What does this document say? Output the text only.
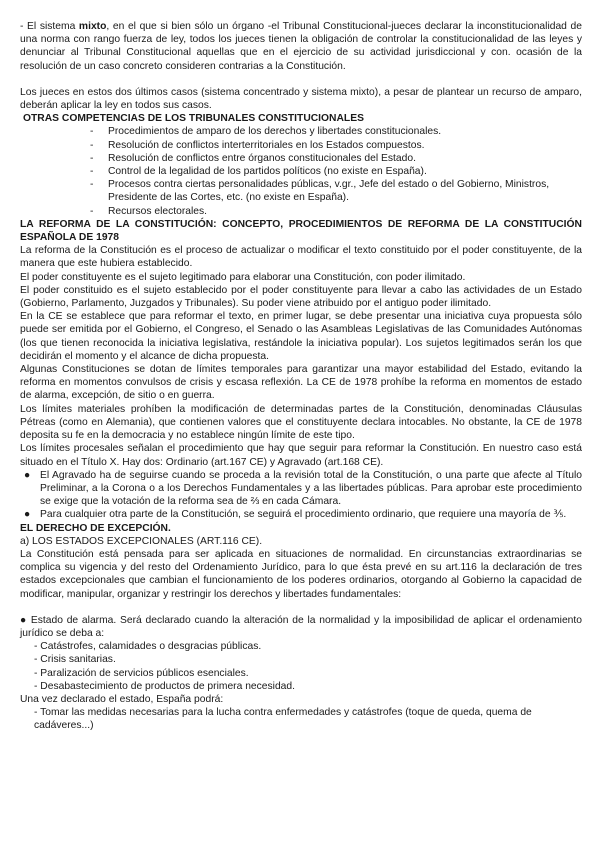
- El sistema mixto, en el que si bien sólo un órgano -el Tribunal Constitucional-jueces declarar la inconstitucionalidad de una norma con rango fuerza de ley, todos los jueces tienen la obligación de controlar la constitucionalidad de las leyes y denunciar al Tribunal Constitucional aquellas que en el ejercicio de su actividad jurisdiccional y con. ocasión de la resolución de un caso concreto consideren contrarias a la Constitución.

Los jueces en estos dos últimos casos (sistema concentrado y sistema mixto), a pesar de plantear un recurso de amparo, deberán aplicar la ley en todos sus casos.

OTRAS COMPETENCIAS DE LOS TRIBUNALES CONSTITUCIONALES

- Procedimientos de amparo de los derechos y libertades constitucionales.
- Resolución de conflictos interterritoriales en los Estados compuestos.
- Resolución de conflictos entre órganos constitucionales del Estado.
- Control de la legalidad de los partidos políticos (no existe en España).
- Procesos contra ciertas personalidades públicas, v.gr., Jefe del estado o del Gobierno, Ministros, Presidente de las Cortes, etc. (no existe en España).
- Recursos electorales.

LA REFORMA DE LA CONSTITUCIÓN: CONCEPTO, PROCEDIMIENTOS DE REFORMA DE LA CONSTITUCIÓN ESPAÑOLA DE 1978

La reforma de la Constitución es el proceso de actualizar o modificar el texto constituido por el poder constituyente, de la manera que este hubiera establecido.

El poder constituyente es el sujeto legitimado para elaborar una Constitución, con poder ilimitado.

El poder constituido es el sujeto establecido por el poder constituyente para llevar a cabo las actividades de un Estado (Gobierno, Parlamento, Juzgados y Tribunales). Su poder viene atribuido por el antiguo poder ilimitado.

En la CE se establece que para reformar el texto, en primer lugar, se debe presentar una iniciativa cuya propuesta sólo puede ser emitida por el Gobierno, el Congreso, el Senado o las Asambleas Legislativas de las Comunidades Autónomas (los que tienen reconocida la iniciativa legislativa, restándole la iniciativa popular). Los sujetos legitimados serán los que decidirán el momento y el alcance de dicha propuesta.

Algunas Constituciones se dotan de límites temporales para garantizar una mayor estabilidad del Estado, evitando la reforma en momentos convulsos de crisis y escasa reflexión. La CE de 1978 prohíbe la reforma en momentos de estado de alarma, excepción, de sitio o en guerra.

Los límites materiales prohíben la modificación de determinadas partes de la Constitución, denominadas Cláusulas Pétreas (como en Alemania), que contienen valores que el constituyente declara intocables. No obstante, la CE de 1978 deposita su fe en la democracia y no establece ningún límite de este tipo.

Los límites procesales señalan el procedimiento que hay que seguir para reformar la Constitución. En nuestro caso está situado en el Título X. Hay dos: Ordinario (art.167 CE) y Agravado (art.168 CE).

● El Agravado ha de seguirse cuando se proceda a la revisión total de la Constitución, o una parte que afecte al Título Preliminar, a la Corona o a los Derechos Fundamentales y a las libertades públicas. Para aprobar este procedimiento se exige que la votación de la reforma sea de ⅔ en cada Cámara.

● Para cualquier otra parte de la Constitución, se seguirá el procedimiento ordinario, que requiere una mayoría de ⅗.

EL DERECHO DE EXCEPCIÓN.

a) LOS ESTADOS EXCEPCIONALES (ART.116 CE).

La Constitución está pensada para ser aplicada en situaciones de normalidad. En circunstancias extraordinarias se complica su vigencia y del resto del Ordenamiento Jurídico, para lo que ésta prevé en su art.116 la declaración de tres estados excepcionales que cambian el funcionamiento de los poderes ordinarios, otorgando al Gobierno la capacidad de modificar, manipular, organizar y restringir los derechos y libertades fundamentales:

● Estado de alarma. Será declarado cuando la alteración de la normalidad y la imposibilidad de aplicar el ordenamiento jurídico se deba a:

- Catástrofes, calamidades o desgracias públicas.

- Crisis sanitarias.

- Paralización de servicios públicos esenciales.

- Desabastecimiento de productos de primera necesidad.

Una vez declarado el estado, España podrá:

- Tomar las medidas necesarias para la lucha contra enfermedades y catástrofes (toque de queda, quema de cadáveres...)
